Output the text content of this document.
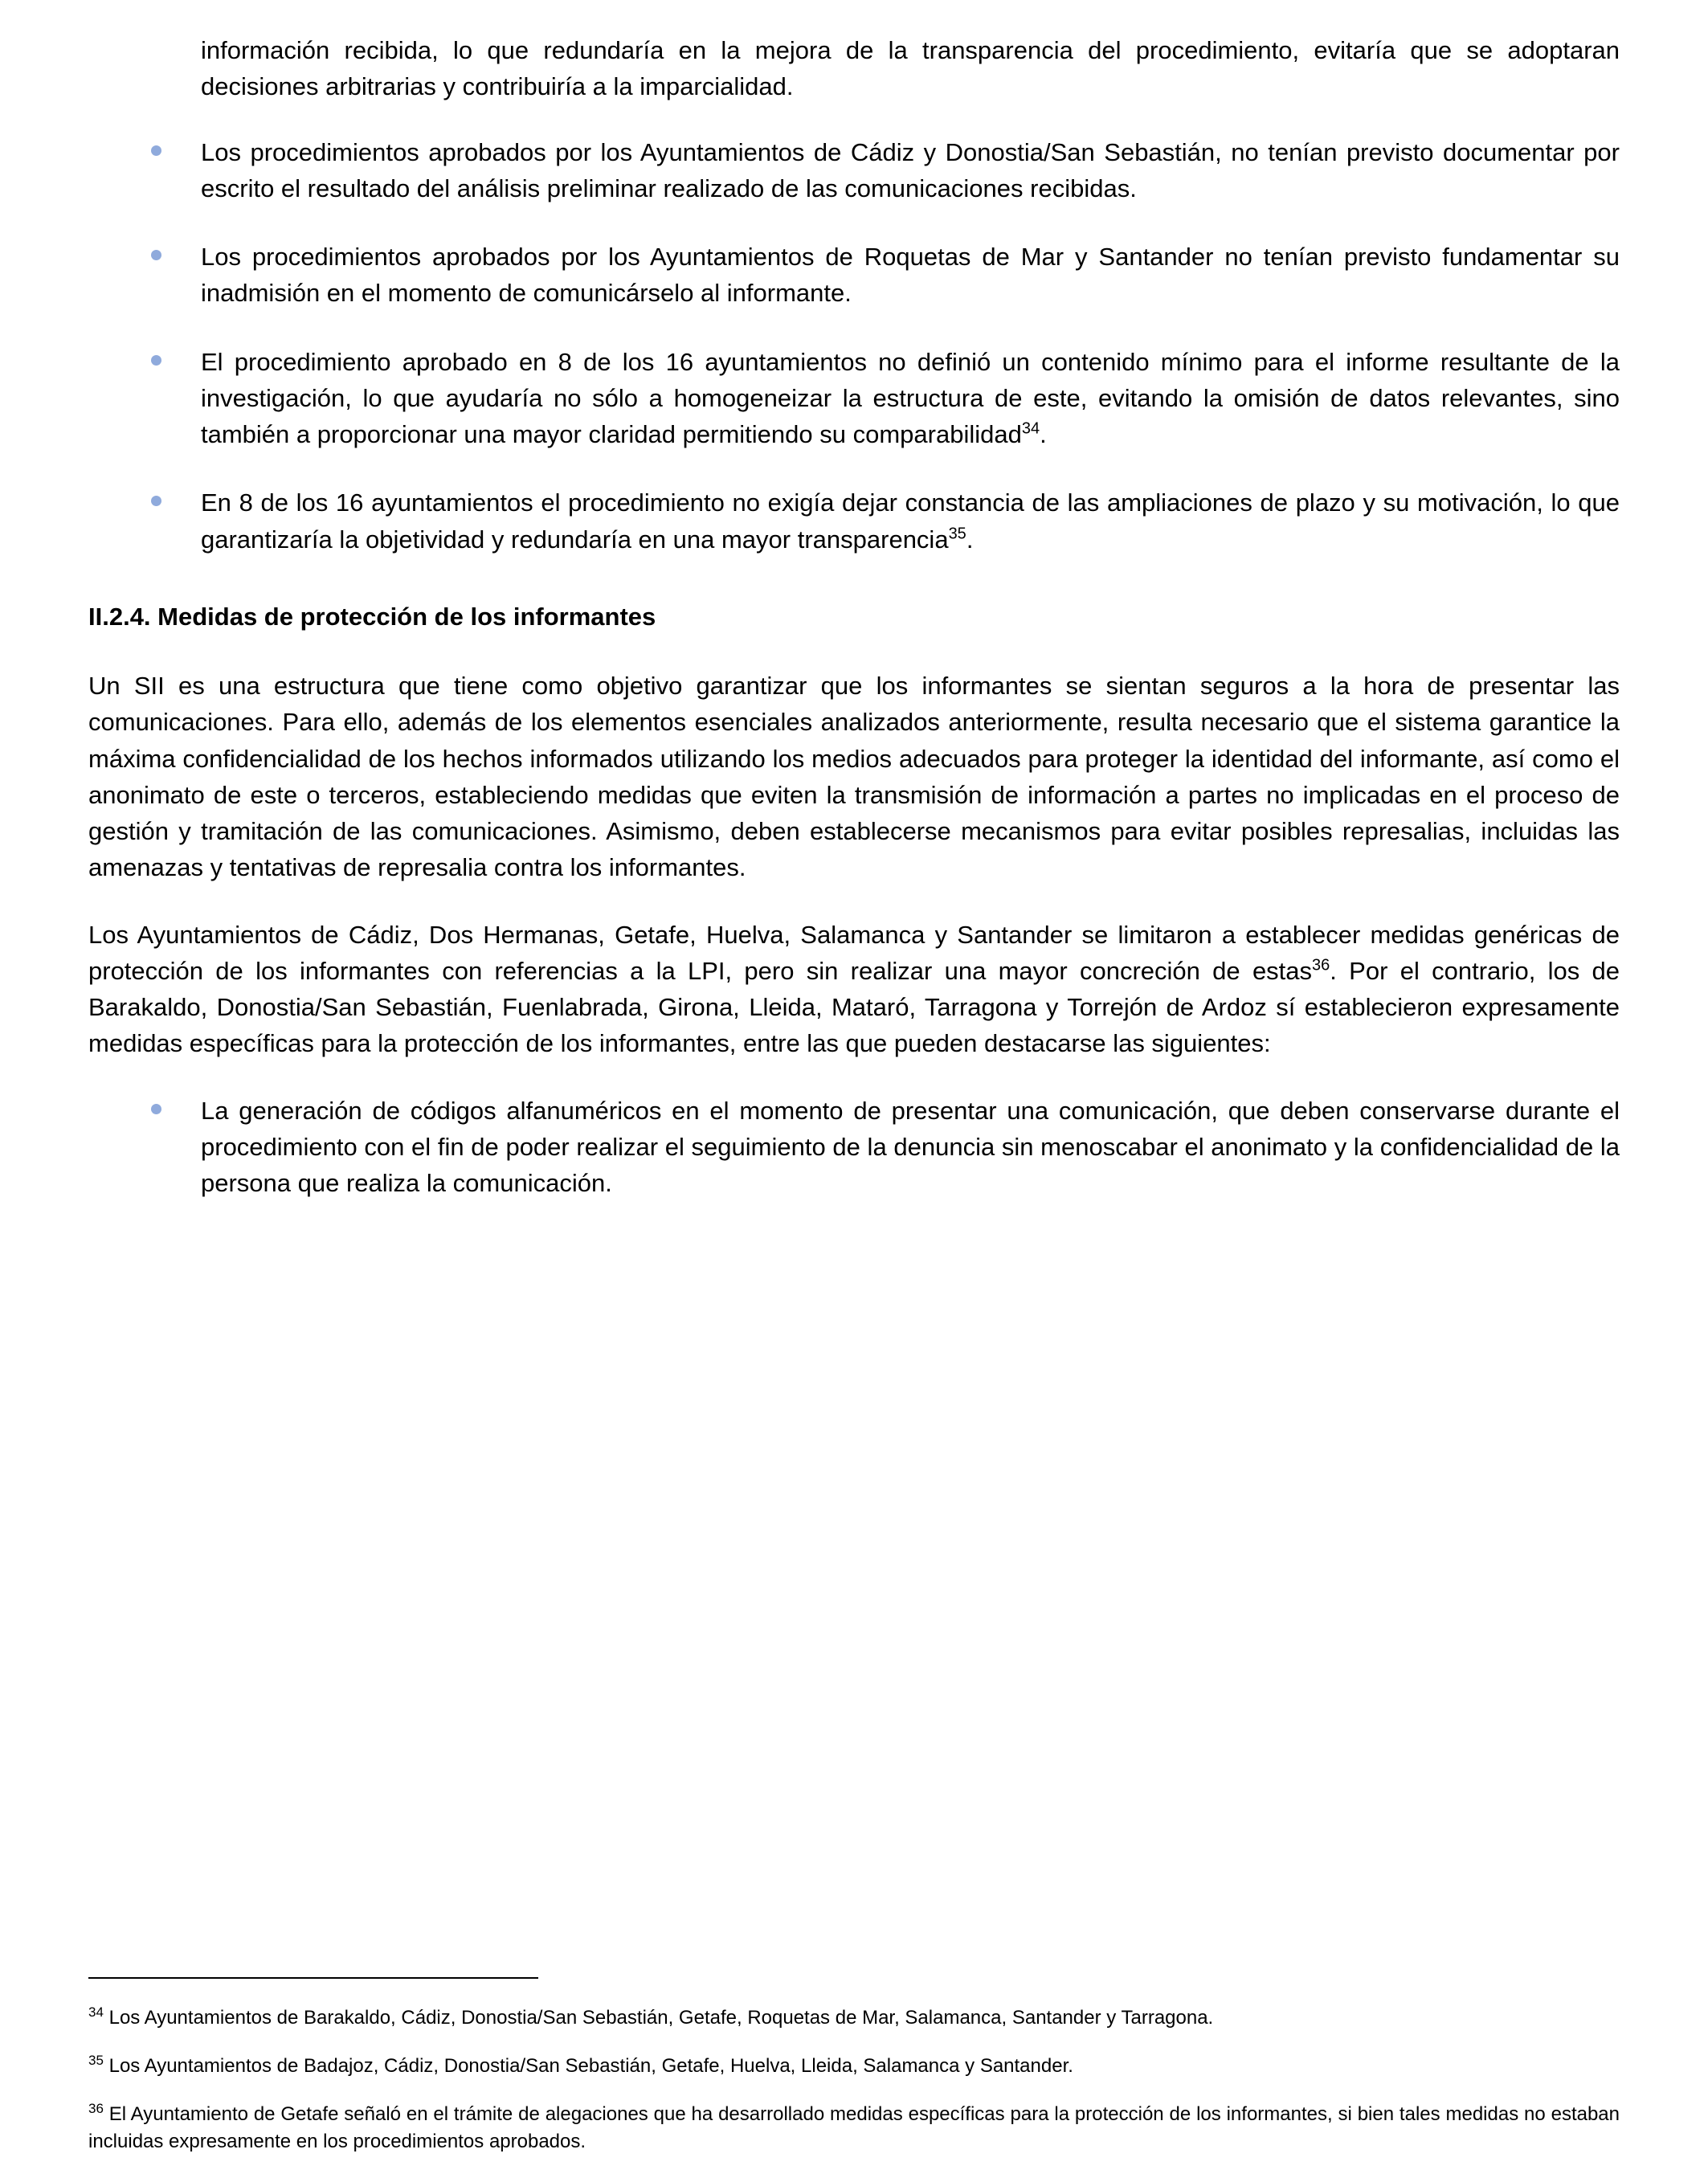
información recibida, lo que redundaría en la mejora de la transparencia del procedimiento, evitaría que se adoptaran decisiones arbitrarias y contribuiría a la imparcialidad.

Los procedimientos aprobados por los Ayuntamientos de Cádiz y Donostia/San Sebastián, no tenían previsto documentar por escrito el resultado del análisis preliminar realizado de las comunicaciones recibidas.
Los procedimientos aprobados por los Ayuntamientos de Roquetas de Mar y Santander no tenían previsto fundamentar su inadmisión en el momento de comunicárselo al informante.
El procedimiento aprobado en 8 de los 16 ayuntamientos no definió un contenido mínimo para el informe resultante de la investigación, lo que ayudaría no sólo a homogeneizar la estructura de este, evitando la omisión de datos relevantes, sino también a proporcionar una mayor claridad permitiendo su comparabilidad$^{34}$.
En 8 de los 16 ayuntamientos el procedimiento no exigía dejar constancia de las ampliaciones de plazo y su motivación, lo que garantizaría la objetividad y redundaría en una mayor transparencia$^{35}$.
II.2.4. Medidas de protección de los informantes

Un SII es una estructura que tiene como objetivo garantizar que los informantes se sientan seguros a la hora de presentar las comunicaciones. Para ello, además de los elementos esenciales analizados anteriormente, resulta necesario que el sistema garantice la máxima confidencialidad de los hechos informados utilizando los medios adecuados para proteger la identidad del informante, así como el anonimato de este o terceros, estableciendo medidas que eviten la transmisión de información a partes no implicadas en el proceso de gestión y tramitación de las comunicaciones. Asimismo, deben establecerse mecanismos para evitar posibles represalias, incluidas las amenazas y tentativas de represalia contra los informantes.

Los Ayuntamientos de Cádiz, Dos Hermanas, Getafe, Huelva, Salamanca y Santander se limitaron a establecer medidas genéricas de protección de los informantes con referencias a la LPI, pero sin realizar una mayor concreción de estas$^{36}$. Por el contrario, los de Barakaldo, Donostia/San Sebastián, Fuenlabrada, Girona, Lleida, Mataró, Tarragona y Torrejón de Ardoz sí establecieron expresamente medidas específicas para la protección de los informantes, entre las que pueden destacarse las siguientes:

La generación de códigos alfanuméricos en el momento de presentar una comunicación, que deben conservarse durante el procedimiento con el fin de poder realizar el seguimiento de la denuncia sin menoscabar el anonimato y la confidencialidad de la persona que realiza la comunicación.

$^{34}$ Los Ayuntamientos de Barakaldo, Cádiz, Donostia/San Sebastián, Getafe, Roquetas de Mar, Salamanca, Santander y Tarragona.

$^{35}$ Los Ayuntamientos de Badajoz, Cádiz, Donostia/San Sebastián, Getafe, Huelva, Lleida, Salamanca y Santander.

$^{36}$ El Ayuntamiento de Getafe señaló en el trámite de alegaciones que ha desarrollado medidas específicas para la protección de los informantes, si bien tales medidas no estaban incluidas expresamente en los procedimientos aprobados.
